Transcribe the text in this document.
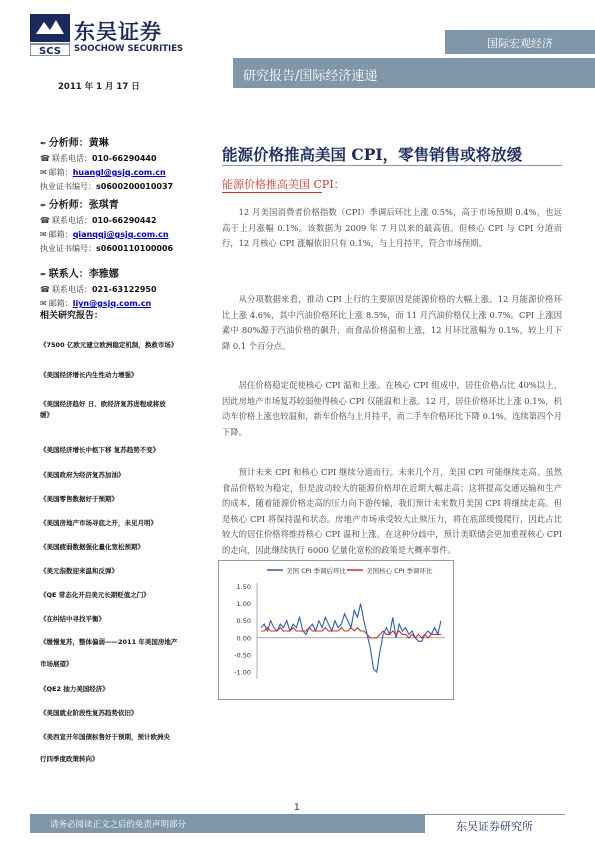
SCS
东吴证券
SOOCHOW SECURITIES	国际宏观经济
研究报告/国际经济速递
2011 年 1 月 17 日
✒ 分析师：黄琳
☎ 联系电话：010-66290440
✉ 邮箱：huangl@gsjq.com.cn
执业证书编号：s0600200010037
✒ 分析师：张琪青
☎ 联系电话：010-66290442
✉ 邮箱：qianqqj@gsjq.com.cn
执业证书编号：s0600110100006
✒ 联系人：李雅娜
☎ 联系电话：021-63122950
✉ 邮箱：liyn@gsjq.com.cn
相关研究报告：
《7500 亿欧元建立欧洲稳定机制，换救市场》
《美国经济增长内生性动力增强》
《美国经济趋好 日、欧经济复苏进程或将放
缓》
《美国经济增长中枢下移 复苏趋势不变》
《美国政府为经济复苏加油》
《美国零售数据好于预期》
《美国房地产市场寻底之开，未见月明》
《美国疲弱数据强化量化宽松预期》
《美元指数迎来温和反弹》
《QE 常态化开启美元长期贬值之门》
《在纠结中寻找平衡》
《缓慢复苏，整体偏弱——2011 年美国房地产
市场展望》
《QE2 抽力美国经济》
《美国就业阶段性复苏趋势依旧》
《美西宣开年国债标售好于预期，预计欧洲央
行四季度政策转向》
能源价格推高美国 CPI，零售销售或将放缓
能源价格推高美国 CPI：

12 月美国消费者价格指数（CPI）季调后环比上涨 0.5%，高于市场预期 0.4%，也远高于上月涨幅 0.1%。该数据为 2009 年 7 月以来的最高值。但核心 CPI 与 CPI 分道而行，12 月核心 CPI 涨幅依旧只有 0.1%，与上月持平，符合市场预期。

从分项数据来看，推动 CPI 上行的主要原因是能源价格的大幅上涨。12 月能源价格环比上涨 4.6%，其中汽油价格环比上涨 8.5%，而 11 月汽油价格仅上涨 0.7%。CPI 上涨因素中 80%源于汽油价格的飙升，而食品价格温和上涨，12 月环比涨幅为 0.1%，较上月下降 0.1 个百分点。

居住价格稳定促使核心 CPI 温和上涨。在核心 CPI 组成中，居住价格占比 40%以上，因此房地产市场复苏较弱使得核心 CPI 仅能温和上涨。12 月，居住价格环比上涨 0.1%，机动车价格上涨也较温和，新车价格与上月持平，而二手车价格环比下降 0.1%，连续第四个月下降。

预计未来 CPI 和核心 CPI 继续分道而行。未来几个月，美国 CPI 可能继续走高。虽然食品价格较为稳定，但是波动较大的能源价格却在近期大幅走高；这将提高交通运输和生产的成本，随着能源价格走高的压力向下游传输，我们预计未来数月美国 CPI 将继续走高。但是核心 CPI 将保持温和状态。房地产市场承受较大止赎压力，将在底部缓慢爬行，因此占比较大的居住价格将维持核心 CPI 温和上涨。在这种分歧中，预计美联储会更加重视核心 CPI 的走向，因此继续执行 6000 亿量化宽松的政策是大概率事件。

美国 CPI 季调后环比	美国核心 CPI 季调环比
1.50
1.00
0.50
0.00
-0.50
-1.00
1
请务必阅读正文之后的免责声明部分	东吴证券研究所
